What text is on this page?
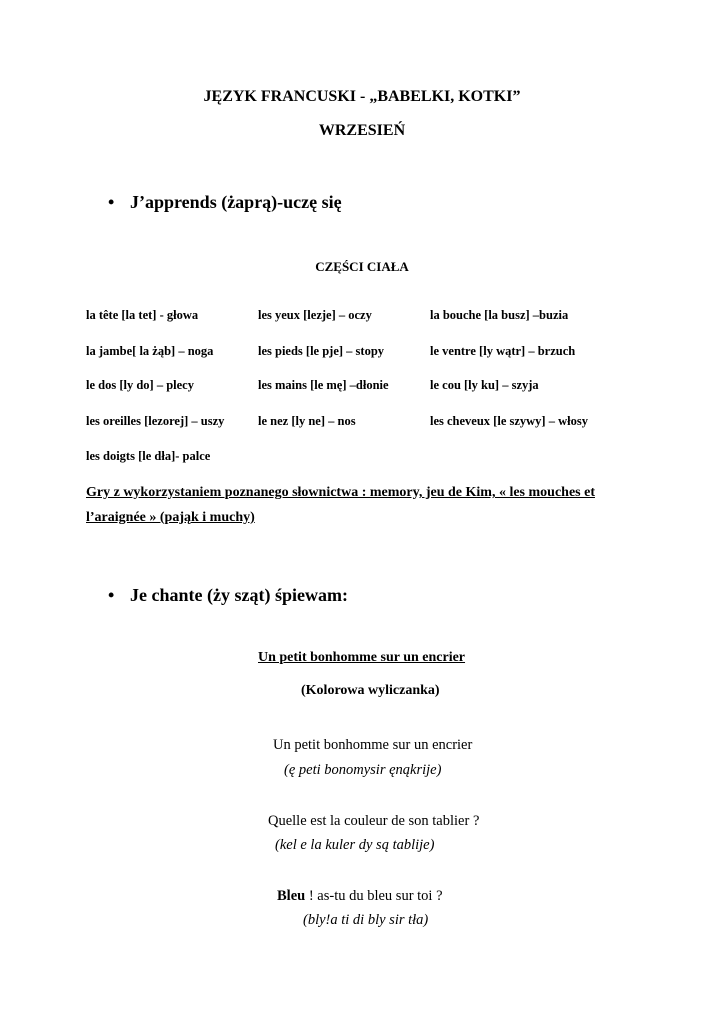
JĘZYK FRANCUSKI - „BABELKI, KOTKI”
WRZESIEŃ
• J’apprends (żaprą)-uczę się
CZĘŚCI CIAŁA
la tête [la tet] - głowa	les yeux [lezje] – oczy	la bouche [la busz] –buzia
la jambe[ la żąb] – noga	les pieds [le pje] – stopy	le ventre [ly wątr] – brzuch
le dos [ly do] – plecy	les mains [le mę] –dłonie	le cou [ly ku] – szyja
les oreilles [lezorej] – uszy	le nez [ly ne] – nos	les cheveux [le szywy] – włosy
les doigts [le dła]- palce
Gry z wykorzystaniem poznanego słownictwa : memory, jeu de Kim, « les mouches et
l’araignée » (pająk i muchy)
• Je chante (ży sząt) śpiewam:
Un petit bonhomme sur un encrier
(Kolorowa wyliczanka)
Un petit bonhomme sur un encrier
(ę peti bonomysir ęnąkrije)
Quelle est la couleur de son tablier ?
(kel e la kuler dy są tablije)
Bleu ! as-tu du bleu sur toi ?
(bly!a ti di bly sir tła)
